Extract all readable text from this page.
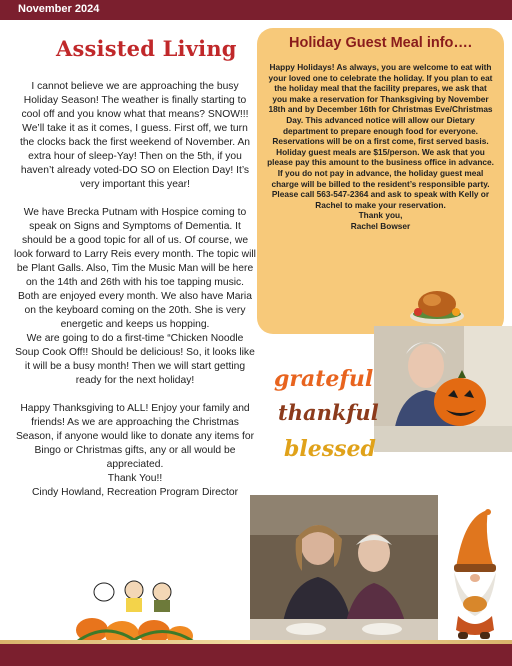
November 2024
Assisted Living

I cannot believe we are approaching the busy Holiday Season! The weather is finally starting to cool off and you know what that means? SNOW!!! We’ll take it as it comes, I guess. First off, we turn the clocks back the first weekend of November. An extra hour of sleep-Yay! Then on the 5th, if you haven’t already voted-DO SO on Election Day! It’s very important this year!

We have Brecka Putnam with Hospice coming to speak on Signs and Symptoms of Dementia. It should be a good topic for all of us. Of course, we look forward to Larry Reis every month. The topic will be Plant Galls. Also, Tim the Music Man will be here on the 14th and 26th with his toe tapping music. Both are enjoyed every month. We also have Maria on the keyboard coming on the 20th. She is very energetic and keeps us hopping.

We are going to do a first-time “Chicken Noodle Soup Cook Off!! Should be delicious! So, it looks like it will be a busy month! Then we will start getting ready for the next holiday!

Happy Thanksgiving to ALL! Enjoy your family and friends! As we are approaching the Christmas Season, if anyone would like to donate any items for Bingo or Christmas gifts, any or all would be appreciated.

Thank You!!

Cindy Howland, Recreation Program Director

Holiday Guest Meal info….
Happy Holidays! As always, you are welcome to eat with your loved one to celebrate the holiday. If you plan to eat the holiday meal that the facility prepares, we ask that you make a reservation for Thanksgiving by November 18th and by December 16th for Christmas Eve/Christmas Day. This advanced notice will allow our Dietary department to prepare enough food for everyone.
Reservations will be on a first come, first served basis. Holiday guest meals are $15/person. We ask that you please pay this amount to the business office in advance. If you do not pay in advance, the holiday guest meal charge will be billed to the resident’s responsible party. Please call 563-547-2364 and ask to speak with Kelly or Rachel to make your reservation.
Thank you,
Rachel Bowser
grateful
thankful
blessed
